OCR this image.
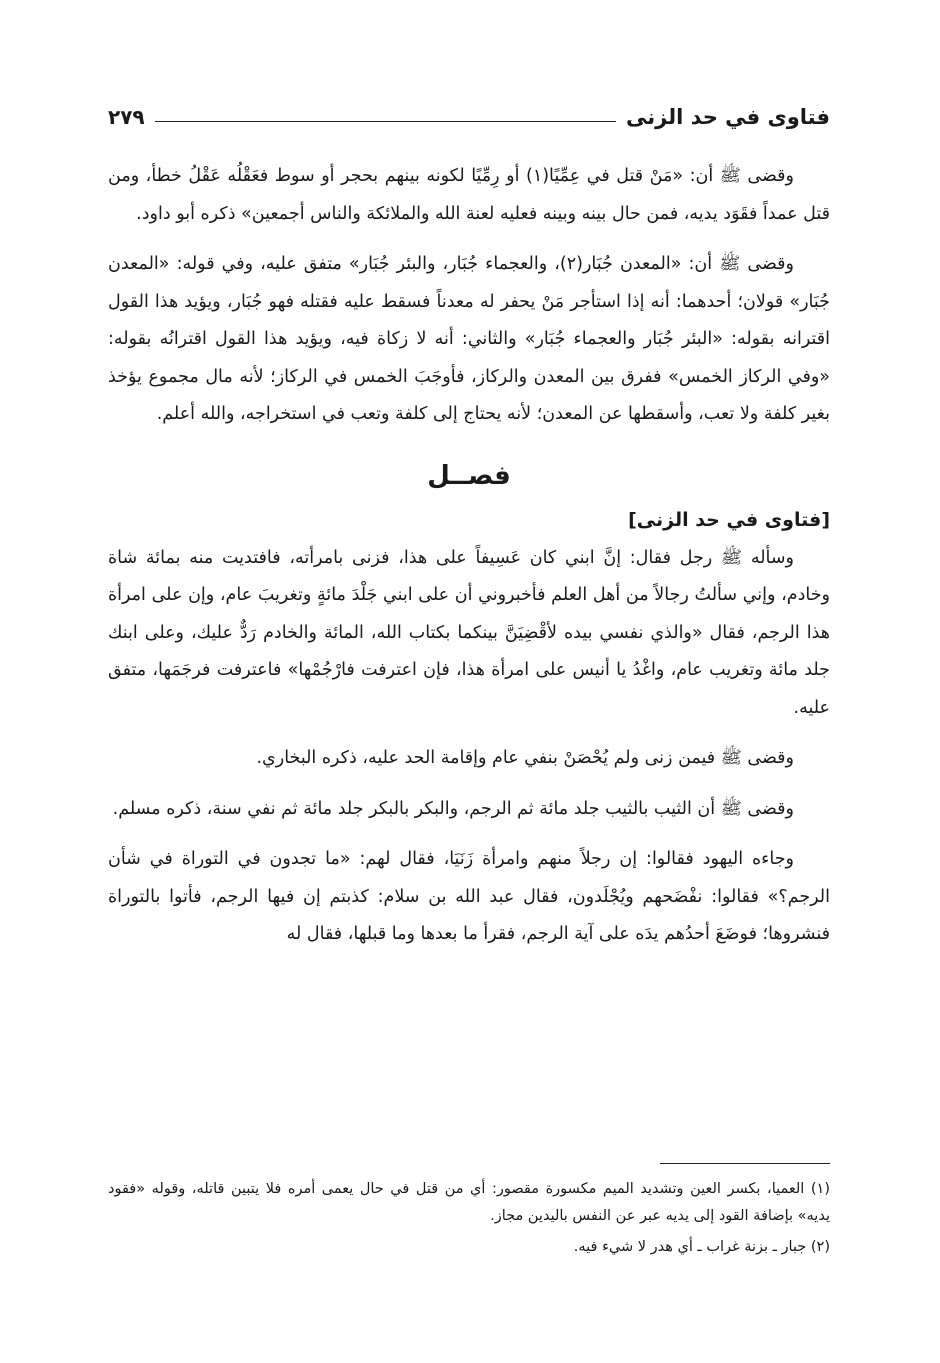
فتاوى في حد الزنى
٢٧٩

وقضى ﷺ أن: «مَنْ قتل في عِمِّيًا(١) أو رِمِّيًا لكونه بينهم بحجر أو سوط فعَقْلُه عَقْلُ خطأ، ومن قتل عمداً فقَوَد يديه، فمن حال بينه وبينه فعليه لعنة الله والملائكة والناس أجمعين» ذكره أبو داود.

وقضى ﷺ أن: «المعدن جُبَار(٢)، والعجماء جُبَار، والبئر جُبَار» متفق عليه، وفي قوله: «المعدن جُبَار» قولان؛ أحدهما: أنه إذا استأجر مَنْ يحفر له معدناً فسقط عليه فقتله فهو جُبَار، ويؤيد هذا القول اقترانه بقوله: «البئر جُبَار والعجماء جُبَار» والثاني: أنه لا زكاة فيه، ويؤيد هذا القول اقترانُه بقوله: «وفي الركاز الخمس» ففرق بين المعدن والركاز، فأوجَبَ الخمس في الركاز؛ لأنه مال مجموع يؤخذ بغير كلفة ولا تعب، وأسقطها عن المعدن؛ لأنه يحتاج إلى كلفة وتعب في استخراجه، والله أعلم.

فصــل
[فتاوى في حد الزنى]

وسأله ﷺ رجل فقال: إنَّ ابني كان عَسِيفاً على هذا، فزنى بامرأته، فافتديت منه بمائة شاة وخادم، وإني سألتُ رجالاً من أهل العلم فأخبروني أن على ابني جَلْدَ مائةٍ وتغريبَ عام، وإن على امرأة هذا الرجم، فقال «والذي نفسي بيده لأقْضِيَنَّ بينكما بكتاب الله، المائة والخادم رَدٌّ عليك، وعلى ابنك جلد مائة وتغريب عام، واغْدُ يا أنيس على امرأة هذا، فإن اعترفت فارْجُمْها» فاعترفت فرجَمَها، متفق عليه.

وقضى ﷺ فيمن زنى ولم يُحْصَنْ بنفي عام وإقامة الحد عليه، ذكره البخاري.

وقضى ﷺ أن الثيب بالثيب جلد مائة ثم الرجم، والبكر بالبكر جلد مائة ثم نفي سنة، ذكره مسلم.

وجاءه اليهود فقالوا: إن رجلاً منهم وامرأة زَنَيَا، فقال لهم: «ما تجدون في التوراة في شأن الرجم؟» فقالوا: نفْضَحهم ويُجْلَدون، فقال عبد الله بن سلام: كذبتم إن فيها الرجم، فأتوا بالتوراة فنشروها؛ فوضَعَ أحدُهم يدَه على آية الرجم، فقرأ ما بعدها وما قبلها، فقال له

(١) العميا، بكسر العين وتشديد الميم مكسورة مقصور: أي من قتل في حال يعمى أمره فلا يتبين قاتله، وقوله «فقود يديه» بإضافة القود إلى يديه عبر عن النفس باليدين مجاز.

(٢) جبار ـ بزنة غراب ـ أي هدر لا شيء فيه.
